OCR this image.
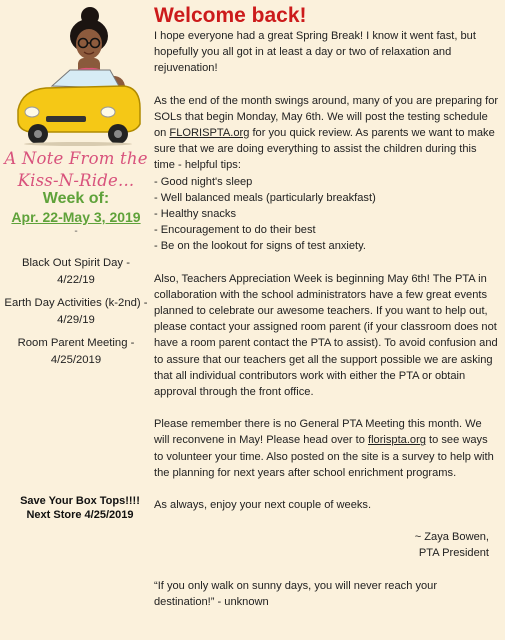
A Note From the
Kiss-N-Ride...
Week of:
Apr. 22-May 3, 2019
-
Black Out Spirit Day -
4/22/19
Earth Day Activities (k-2nd) -
4/29/19
Room Parent Meeting -
4/25/2019
Save Your Box Tops!!!!
Next Store 4/25/2019
Welcome back!

I hope everyone had a great Spring Break! I know it went fast, but hopefully you all got in at least a day or two of relaxation and rejuvenation!

As the end of the month swings around, many of you are preparing for SOLs that begin Monday, May 6th. We will post the testing schedule on FLORISPTA.org for you quick review. As parents we want to make sure that we are doing everything to assist the children during this time - helpful tips:

- Good night's sleep
- Well balanced meals (particularly breakfast)
- Healthy snacks
- Encouragement to do their best
- Be on the lookout for signs of test anxiety.

Also, Teachers Appreciation Week is beginning May 6th! The PTA in collaboration with the school administrators have a few great events planned to celebrate our awesome teachers. If you want to help out, please contact your assigned room parent (if your classroom does not have a room parent contact the PTA to assist). To avoid confusion and to assure that our teachers get all the support possible we are asking that all individual contributors work with either the PTA or obtain approval through the front office.

Please remember there is no General PTA Meeting this month. We will reconvene in May! Please head over to florispta.org to see ways to volunteer your time. Also posted on the site is a survey to help with the planning for next years after school enrichment programs.

As always, enjoy your next couple of weeks.

~ Zaya Bowen,
PTA President

“If you only walk on sunny days, you will never reach your destination!” - unknown
